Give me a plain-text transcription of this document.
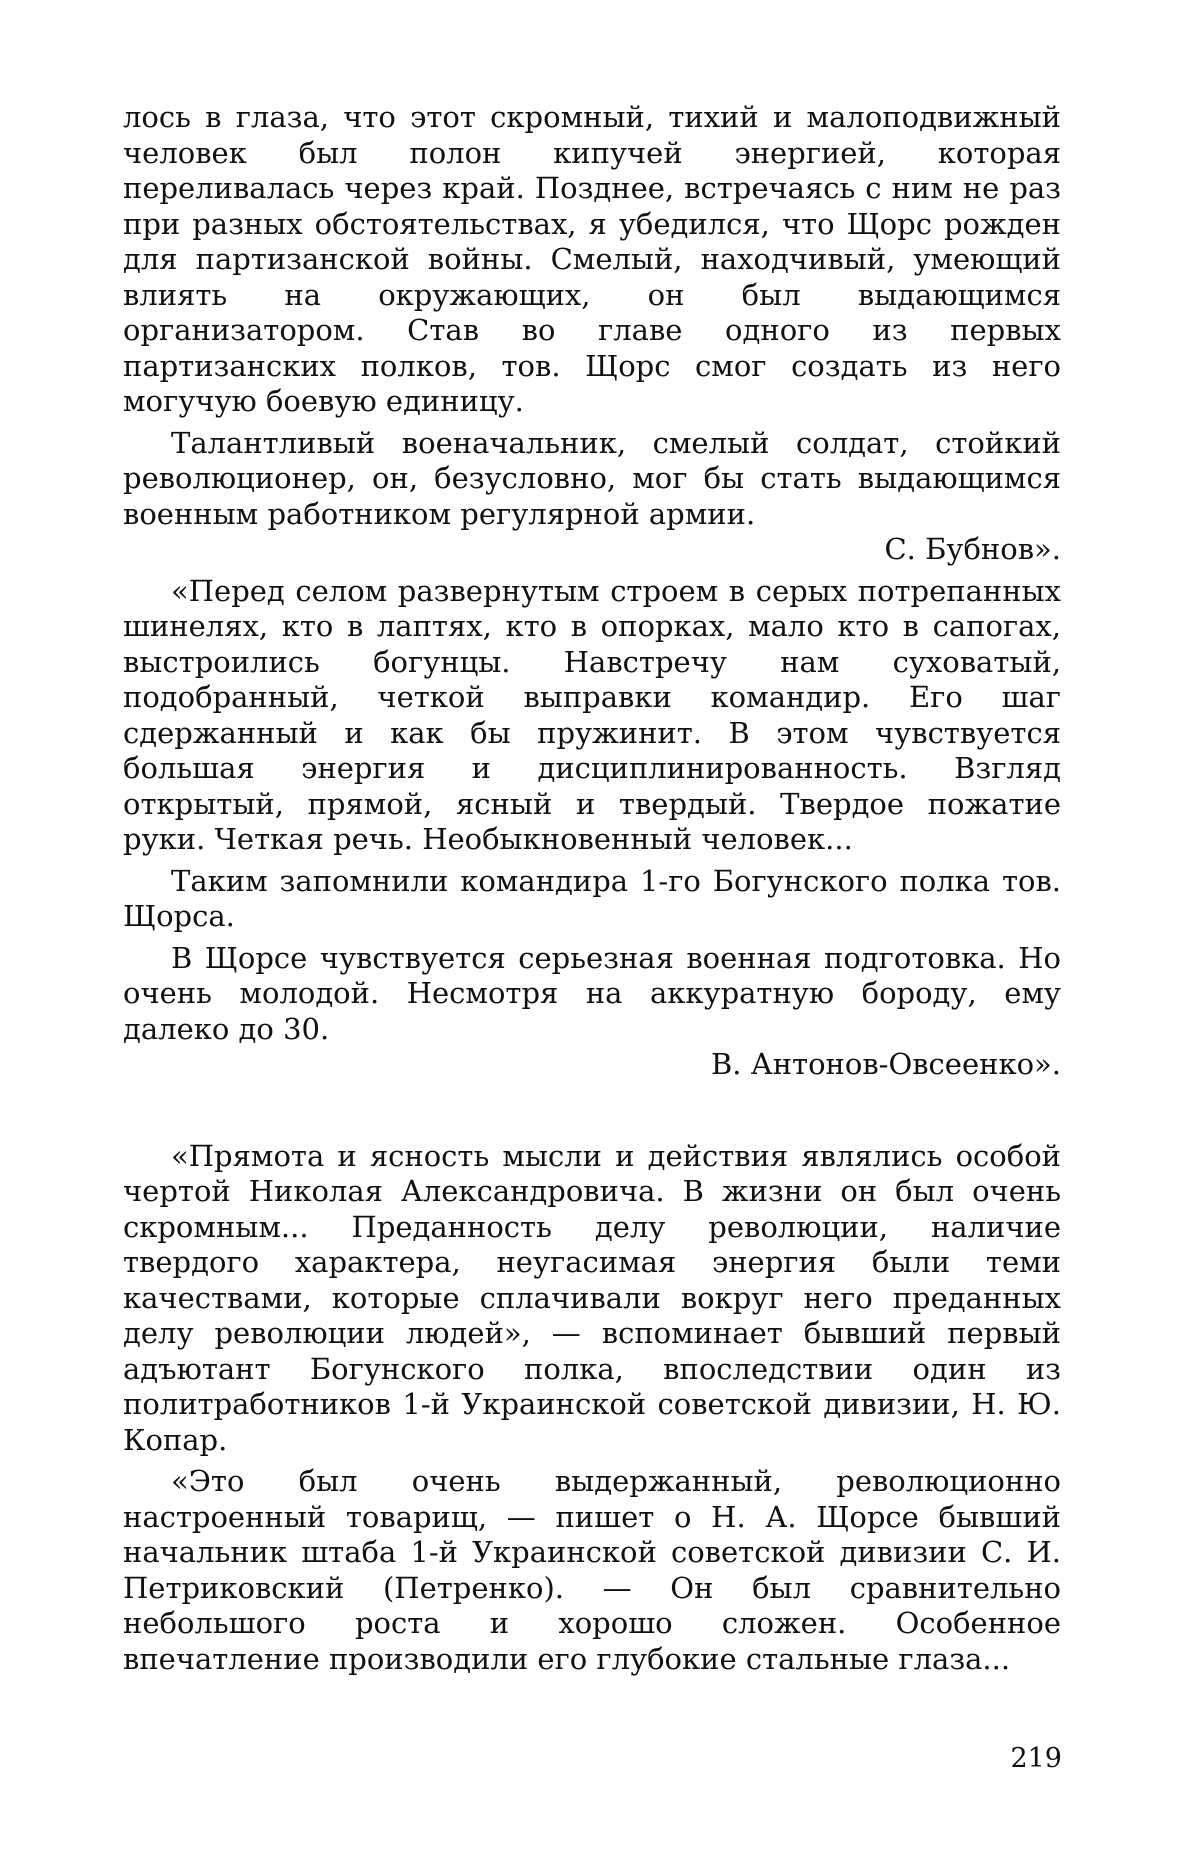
лось в глаза, что этот скромный, тихий и малоподвижный человек был полон кипучей энергией, которая переливалась через край. Позднее, встречаясь с ним не раз при разных обстоятельствах, я убедился, что Щорс рожден для партизанской войны. Смелый, находчивый, умеющий влиять на окружающих, он был выдающимся организатором. Став во главе одного из первых партизанских полков, тов. Щорс смог создать из него могучую боевую единицу.

Талантливый военачальник, смелый солдат, стойкий революционер, он, безусловно, мог бы стать выдающимся военным работником регулярной армии.

С. Бубнов».

«Перед селом развернутым строем в серых потрепанных шинелях, кто в лаптях, кто в опорках, мало кто в сапогах, выстроились богунцы. Навстречу нам суховатый, подобранный, четкой выправки командир. Его шаг сдержанный и как бы пружинит. В этом чувствуется большая энергия и дисциплинированность. Взгляд открытый, прямой, ясный и твердый. Твердое пожатие руки. Четкая речь. Необыкновенный человек...

Таким запомнили командира 1-го Богунского полка тов. Щорса.

В Щорсе чувствуется серьезная военная подготовка. Но очень молодой. Несмотря на аккуратную бороду, ему далеко до 30.

В. Антонов-Овсеенко».

«Прямота и ясность мысли и действия являлись особой чертой Николая Александровича. В жизни он был очень скромным... Преданность делу революции, наличие твердого характера, неугасимая энергия были теми качествами, которые сплачивали вокруг него преданных делу революции людей», — вспоминает бывший первый адъютант Богунского полка, впоследствии один из политработников 1-й Украинской советской дивизии, Н. Ю. Копар.

«Это был очень выдержанный, революционно настроенный товарищ, — пишет о Н. А. Щорсе бывший начальник штаба 1-й Украинской советской дивизии С. И. Петриковский (Петренко). — Он был сравнительно небольшого роста и хорошо сложен. Особенное впечатление производили его глубокие стальные глаза...

219
